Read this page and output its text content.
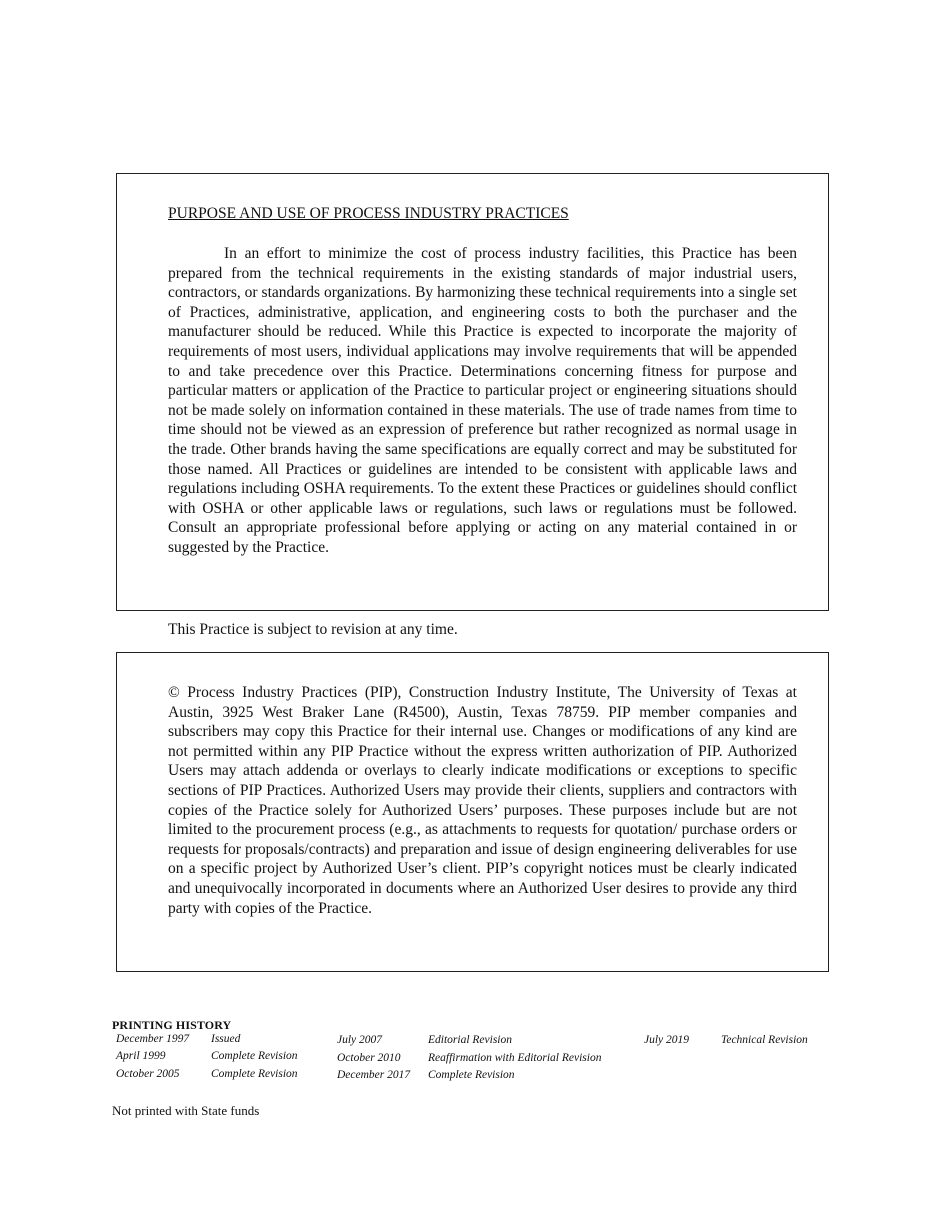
PURPOSE AND USE OF PROCESS INDUSTRY PRACTICES
In an effort to minimize the cost of process industry facilities, this Practice has been prepared from the technical requirements in the existing standards of major industrial users, contractors, or standards organizations. By harmonizing these technical requirements into a single set of Practices, administrative, application, and engineering costs to both the purchaser and the manufacturer should be reduced. While this Practice is expected to incorporate the majority of requirements of most users, individual applications may involve requirements that will be appended to and take precedence over this Practice. Determinations concerning fitness for purpose and particular matters or application of the Practice to particular project or engineering situations should not be made solely on information contained in these materials. The use of trade names from time to time should not be viewed as an expression of preference but rather recognized as normal usage in the trade. Other brands having the same specifications are equally correct and may be substituted for those named. All Practices or guidelines are intended to be consistent with applicable laws and regulations including OSHA requirements. To the extent these Practices or guidelines should conflict with OSHA or other applicable laws or regulations, such laws or regulations must be followed. Consult an appropriate professional before applying or acting on any material contained in or suggested by the Practice.
This Practice is subject to revision at any time.
© Process Industry Practices (PIP), Construction Industry Institute, The University of Texas at Austin, 3925 West Braker Lane (R4500), Austin, Texas 78759. PIP member companies and subscribers may copy this Practice for their internal use. Changes or modifications of any kind are not permitted within any PIP Practice without the express written authorization of PIP. Authorized Users may attach addenda or overlays to clearly indicate modifications or exceptions to specific sections of PIP Practices. Authorized Users may provide their clients, suppliers and contractors with copies of the Practice solely for Authorized Users’ purposes. These purposes include but are not limited to the procurement process (e.g., as attachments to requests for quotation/ purchase orders or requests for proposals/contracts) and preparation and issue of design engineering deliverables for use on a specific project by Authorized User’s client. PIP’s copyright notices must be clearly indicated and unequivocally incorporated in documents where an Authorized User desires to provide any third party with copies of the Practice.
PRINTING HISTORY
December 1997 Issued
April 1999	Complete Revision
October 2005	Complete Revision
July 2007	Editorial Revision
October 2010 Reaffirmation with Editorial Revision
December 2017 Complete Revision
July 2019	Technical Revision
Not printed with State funds
